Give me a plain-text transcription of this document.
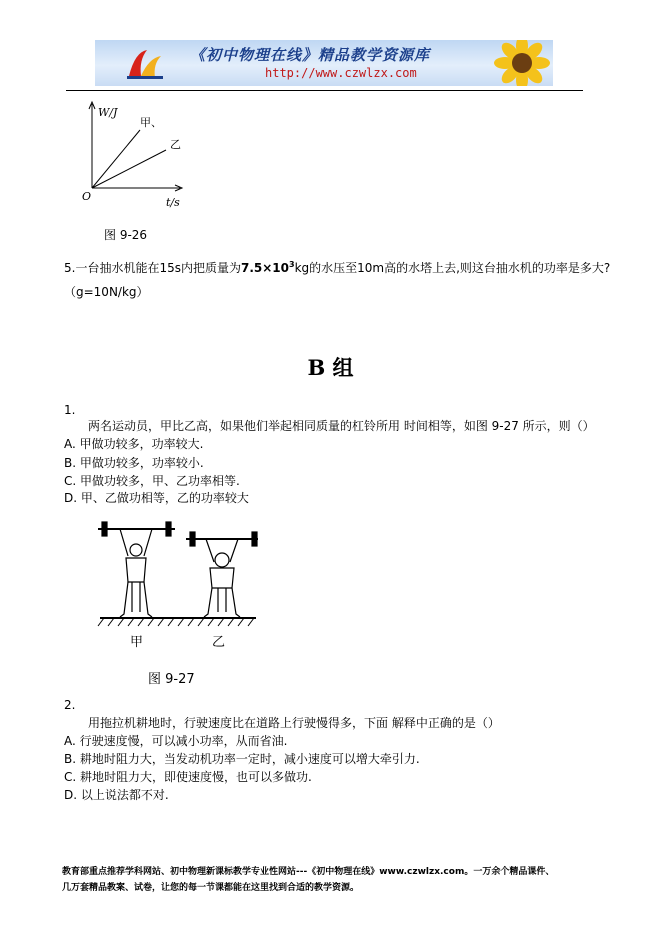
《初中物理在线》精品教学资源库
http://www.czwlzx.com
W/J
t/s
O
甲、
乙
图 9-26
5.一台抽水机能在15s内把质量为$7.5\times 10^3kg$的水压至10m高的水塔上去,则这台抽水机的功率是多大?
（g=10N/kg）
B 组
1.
两名运动员，甲比乙高，如果他们举起相同质量的杠铃所用 时间相等，如图 9-27 所示，则（）
A. 甲做功较多，功率较大.
B. 甲做功较多，功率较小.
C. 甲做功较多，甲、乙功率相等.
D. 甲、乙做功相等，乙的功率较大
甲	乙
图 9-27
2.
用拖拉机耕地时，行驶速度比在道路上行驶慢得多，下面 解释中正确的是（）
A. 行驶速度慢，可以减小功率，从而省油.
B. 耕地时阻力大，当发动机功率一定时，减小速度可以增大牵引力.
C. 耕地时阻力大，即使速度慢，也可以多做功.
D. 以上说法都不对.
教育部重点推荐学科网站、初中物理新课标教学专业性网站---《初中物理在线》www.czwlzx.com。一万余个精品课件、
几万套精品教案、试卷，让您的每一节课都能在这里找到合适的教学资源。
